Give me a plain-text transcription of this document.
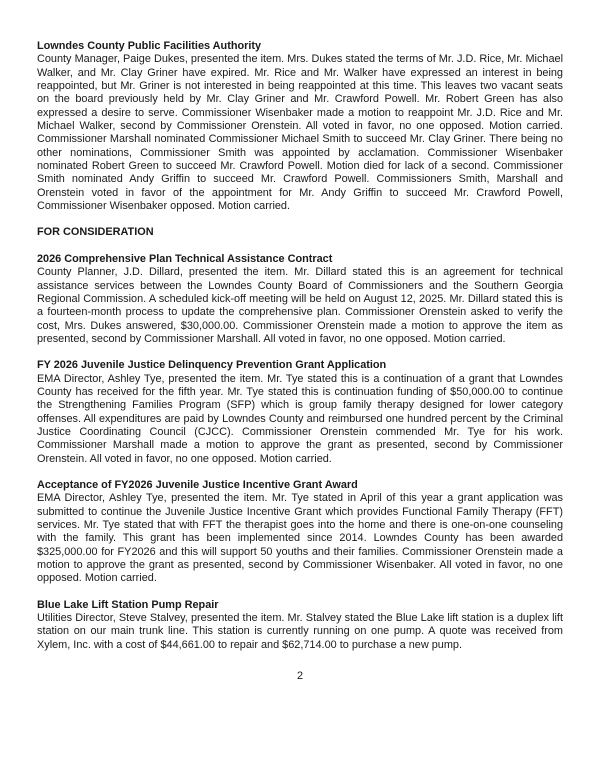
Lowndes County Public Facilities Authority

County Manager, Paige Dukes, presented the item. Mrs. Dukes stated the terms of Mr. J.D. Rice, Mr. Michael Walker, and Mr. Clay Griner have expired. Mr. Rice and Mr. Walker have expressed an interest in being reappointed, but Mr. Griner is not interested in being reappointed at this time. This leaves two vacant seats on the board previously held by Mr. Clay Griner and Mr. Crawford Powell. Mr. Robert Green has also expressed a desire to serve. Commissioner Wisenbaker made a motion to reappoint Mr. J.D. Rice and Mr. Michael Walker, second by Commissioner Orenstein. All voted in favor, no one opposed. Motion carried. Commissioner Marshall nominated Commissioner Michael Smith to succeed Mr. Clay Griner. There being no other nominations, Commissioner Smith was appointed by acclamation. Commissioner Wisenbaker nominated Robert Green to succeed Mr. Crawford Powell. Motion died for lack of a second. Commissioner Smith nominated Andy Griffin to succeed Mr. Crawford Powell. Commissioners Smith, Marshall and Orenstein voted in favor of the appointment for Mr. Andy Griffin to succeed Mr. Crawford Powell, Commissioner Wisenbaker opposed. Motion carried.

FOR CONSIDERATION
2026 Comprehensive Plan Technical Assistance Contract

County Planner, J.D. Dillard, presented the item. Mr. Dillard stated this is an agreement for technical assistance services between the Lowndes County Board of Commissioners and the Southern Georgia Regional Commission. A scheduled kick-off meeting will be held on August 12, 2025. Mr. Dillard stated this is a fourteen-month process to update the comprehensive plan. Commissioner Orenstein asked to verify the cost, Mrs. Dukes answered, $30,000.00. Commissioner Orenstein made a motion to approve the item as presented, second by Commissioner Marshall. All voted in favor, no one opposed. Motion carried.

FY 2026 Juvenile Justice Delinquency Prevention Grant Application

EMA Director, Ashley Tye, presented the item. Mr. Tye stated this is a continuation of a grant that Lowndes County has received for the fifth year. Mr. Tye stated this is continuation funding of $50,000.00 to continue the Strengthening Families Program (SFP) which is group family therapy designed for lower category offenses. All expenditures are paid by Lowndes County and reimbursed one hundred percent by the Criminal Justice Coordinating Council (CJCC). Commissioner Orenstein commended Mr. Tye for his work. Commissioner Marshall made a motion to approve the grant as presented, second by Commissioner Orenstein. All voted in favor, no one opposed. Motion carried.

Acceptance of FY2026 Juvenile Justice Incentive Grant Award

EMA Director, Ashley Tye, presented the item. Mr. Tye stated in April of this year a grant application was submitted to continue the Juvenile Justice Incentive Grant which provides Functional Family Therapy (FFT) services. Mr. Tye stated that with FFT the therapist goes into the home and there is one-on-one counseling with the family. This grant has been implemented since 2014. Lowndes County has been awarded $325,000.00 for FY2026 and this will support 50 youths and their families. Commissioner Orenstein made a motion to approve the grant as presented, second by Commissioner Wisenbaker. All voted in favor, no one opposed. Motion carried.

Blue Lake Lift Station Pump Repair

Utilities Director, Steve Stalvey, presented the item. Mr. Stalvey stated the Blue Lake lift station is a duplex lift station on our main trunk line. This station is currently running on one pump. A quote was received from Xylem, Inc. with a cost of $44,661.00 to repair and $62,714.00 to purchase a new pump.

2
